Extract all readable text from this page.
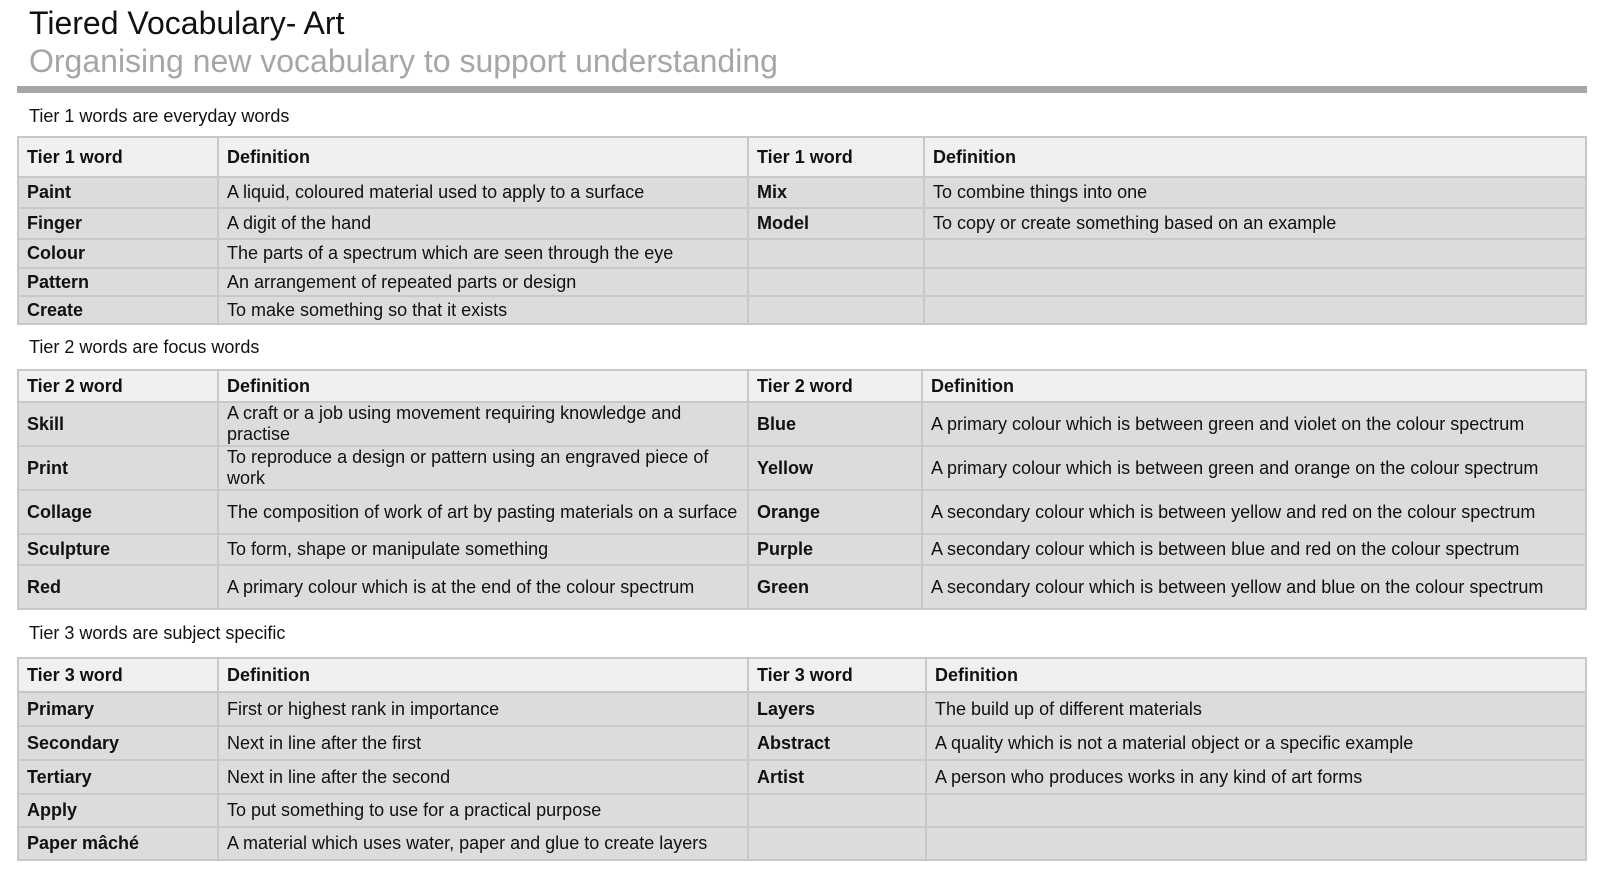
Tiered Vocabulary- Art
Organising new vocabulary to support understanding
Tier 1 words are everyday words
Tier 1 word	Definition	Tier 1 word	Definition
Paint	A liquid, coloured material used to apply to a surface	Mix	To combine things into one
Finger	A digit of the hand	Model	To copy or create something based on an example
Colour	The parts of a spectrum which are seen through the eye		
Pattern	An arrangement of repeated parts or design		
Create	To make something so that it exists		
Tier 2 words are focus words
Tier 2 word	Definition	Tier 2 word	Definition
Skill	A craft or a job using movement requiring knowledge and practise	Blue	A primary colour which is between green and violet on the colour spectrum
Print	To reproduce a design or pattern using an engraved piece of work	Yellow	A primary colour which is between green and orange on the colour spectrum
Collage	The composition of work of art by pasting materials on a surface	Orange	A secondary colour which is between yellow and red on the colour spectrum
Sculpture	To form, shape or manipulate something	Purple	A secondary colour which is between blue and red on the colour spectrum
Red	A primary colour which is at the end of the colour spectrum	Green	A secondary colour which is between yellow and blue on the colour spectrum
Tier 3 words are subject specific
Tier 3 word	Definition	Tier 3 word	Definition
Primary	First or highest rank in importance	Layers	The build up of different materials
Secondary	Next in line after the first	Abstract	A quality which is not a material object or a specific example
Tertiary	Next in line after the second	Artist	A person who produces works in any kind of art forms
Apply	To put something to use for a practical purpose		
Paper mâché	A material which uses water, paper and glue to create layers		
